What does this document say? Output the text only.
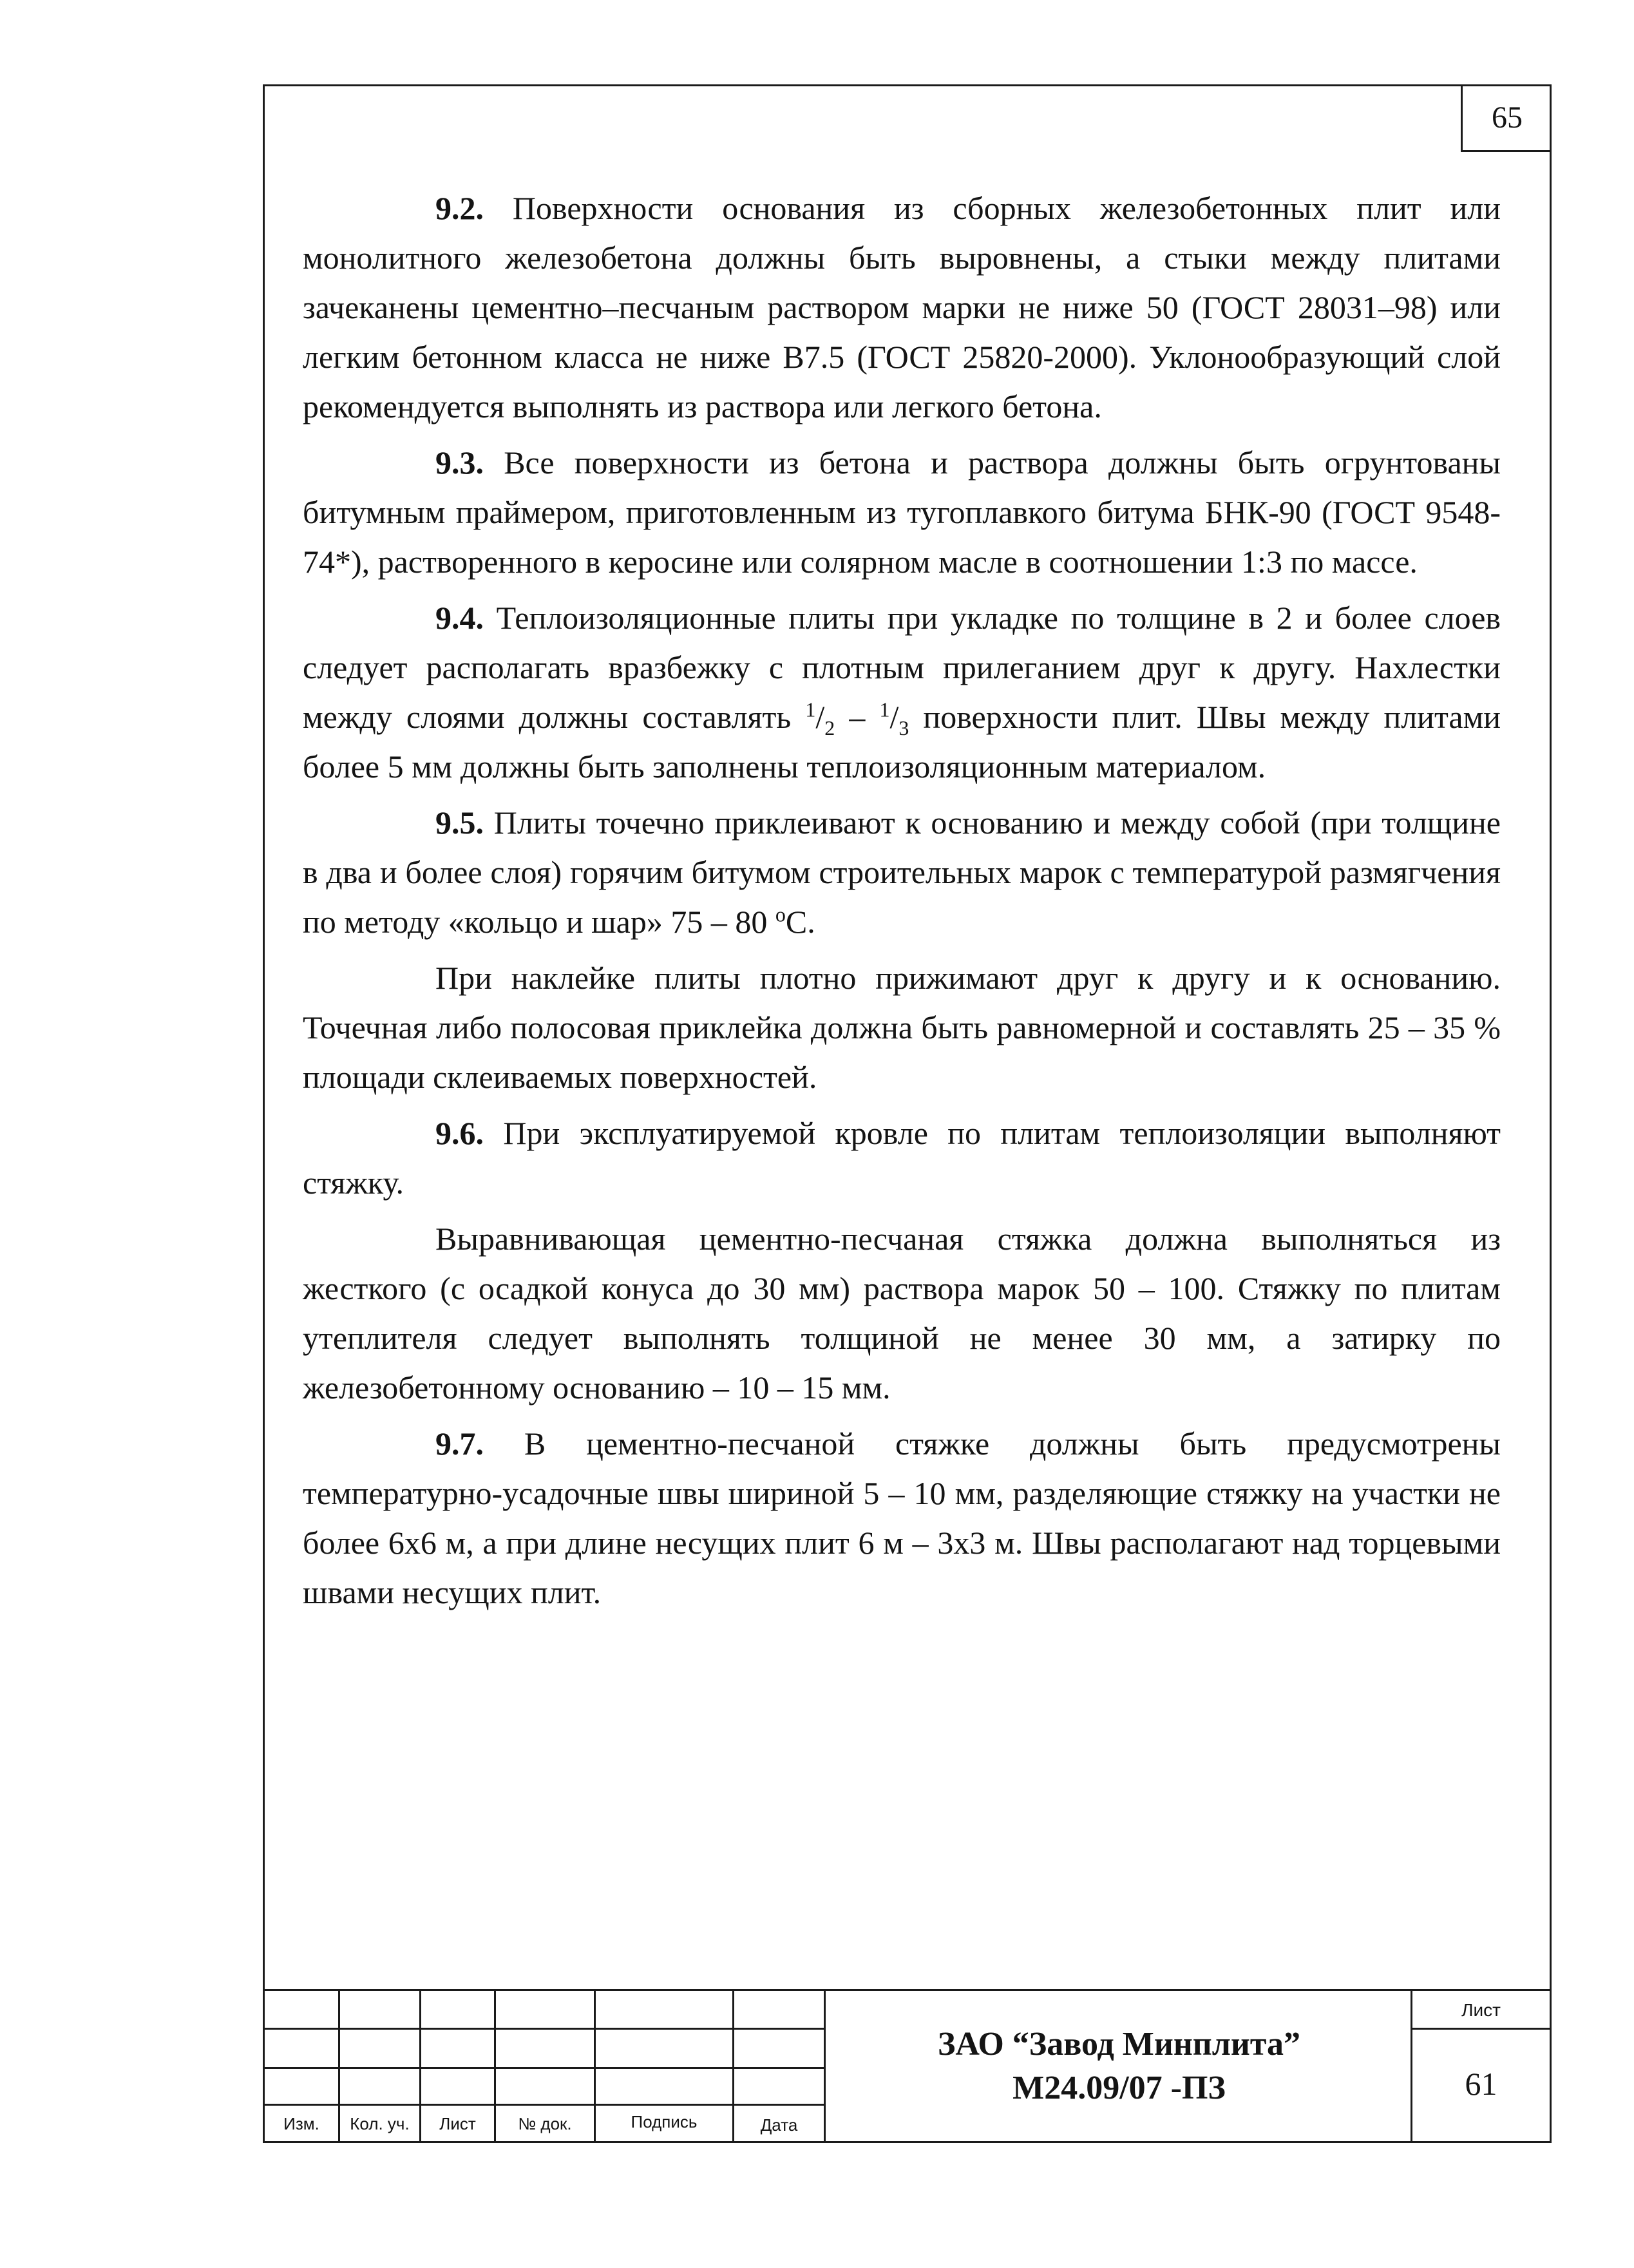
65

9.2. Поверхности основания из сборных железобетонных плит или монолитного железобетона должны быть выровнены, а стыки между плитами зачеканены цементно–песчаным раствором марки не ниже 50 (ГОСТ 28031–98) или легким бетонном класса не ниже В7.5 (ГОСТ 25820-2000). Уклонообразующий слой рекомендуется выполнять из раствора или легкого бетона.

9.3. Все поверхности из бетона и раствора должны быть огрунтованы битумным праймером, приготовленным из тугоплавкого битума БНК-90 (ГОСТ 9548-74*), растворенного в керосине или солярном масле в соотношении 1:3 по массе.

9.4. Теплоизоляционные плиты при укладке по толщине в 2 и более слоев следует располагать вразбежку с плотным прилеганием друг к другу. Нахлестки между слоями должны составлять $^1/_2 - ^1/_3$ поверхности плит. Швы между плитами более 5 мм должны быть заполнены теплоизоляционным материалом.

9.5. Плиты точечно приклеивают к основанию и между собой (при толщине в два и более слоя) горячим битумом строительных марок с температурой размягчения по методу «кольцо и шар» 75 – 80 $^о$С.

При наклейке плиты плотно прижимают друг к другу и к основанию. Точечная либо полосовая приклейка должна быть равномерной и составлять 25 – 35 % площади склеиваемых поверхностей.

9.6. При эксплуатируемой кровле по плитам теплоизоляции выполняют стяжку.

Выравнивающая цементно-песчаная стяжка должна выполняться из жесткого (с осадкой конуса до 30 мм) раствора марок 50 – 100. Стяжку по плитам утеплителя следует выполнять толщиной не менее 30 мм, а затирку по железобетонному основанию – 10 – 15 мм.

9.7. В цементно-песчаной стяжке должны быть предусмотрены температурно-усадочные швы шириной 5 – 10 мм, разделяющие стяжку на участки не более 6х6 м, а при длине несущих плит 6 м – 3х3 м. Швы располагают над торцевыми швами несущих плит.

Изм.	Кол. уч.	Лист	№ док.	Подпись	Дата
ЗАО “Завод Минплита”
М24.09/07 -ПЗ
Лист
61
